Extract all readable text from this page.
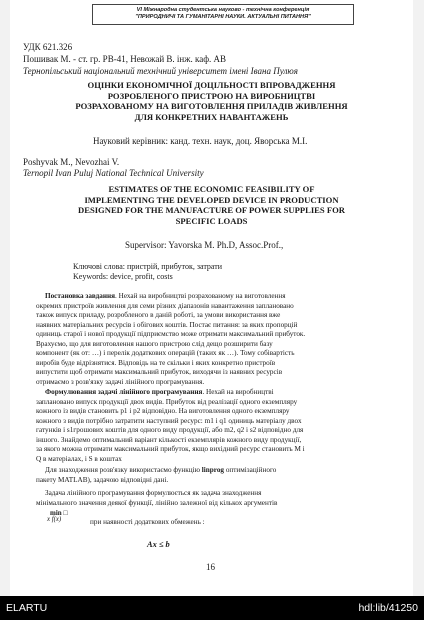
VI Міжнародна студентська науково - технічна конференція
"ПРИРОДНИЧІ ТА ГУМАНІТАРНІ НАУКИ. АКТУАЛЬНІ ПИТАННЯ"
УДК 621.326
Пошивак М. - ст. гр. РВ-41, Невожай В. інж. каф. АВ
Тернопільський національний технічний університет імені Івана Пулюя
ОЦІНКИ ЕКОНОМІЧНОЇ ДОЦІЛЬНОСТІ ВПРОВАДЖЕННЯ
РОЗРОБЛЕНОГО ПРИСТРОЮ НА ВИРОБНИЦТВІ
РОЗРАХОВАНОМУ НА ВИГОТОВЛЕННЯ ПРИЛАДІВ ЖИВЛЕННЯ
ДЛЯ КОНКРЕТНИХ НАВАНТАЖЕНЬ
Науковий керівник: канд. техн. наук, доц. Яворська М.І.
Poshyvak M., Nevozhai V.
Ternopil Ivan Puluj National Technical University
ESTIMATES OF THE ECONOMIC FEASIBILITY OF
IMPLEMENTING THE DEVELOPED DEVICE IN PRODUCTION
DESIGNED FOR THE MANUFACTURE OF POWER SUPPLIES FOR
SPECIFIC LOADS
Supervisor: Yavorska M. Ph.D, Assoc.Prof.,
Ключові слова: пристрій, прибуток, затрати
Keywords: device, profit, costs
Постановка завдання. Нехай на виробництві розрахованому на виготовлення
окремих пристроїв живлення для семи різних діапазонів навантаження заплановано
також випуск приладу, розробленого в даній роботі, за умови використання вже
наявних матеріальних ресурсів і обігових коштів. Постає питання: за яких пропорцій
одиниць старої і нової продукції підприємство може отримати максимальний прибуток.
Врахуємо, що для виготовлення нашого пристрою слід дещо розширити базу
компонент (як от: …) і перелік додаткових операцій (таких як …). Тому собівартість
виробів буде відрізнятися. Відповідь на те скільки і яких конкретно пристроїв
випустити щоб отримати максимальний прибуток, виходячи із наявних ресурсів
отримаємо з розв'язку задачі лінійного програмування.
Формулювання задачі лінійного програмування. Нехай на виробництві
заплановано випуск продукції двох видів. Прибуток від реалізації одного екземпляру
кожного із видів становить p1 і p2 відповідно. На виготовлення одного екземпляру
кожного з видів потрібно затратити наступний ресурс: m1 і q1 одиниць матеріалу двох
гатунків і s1грошових коштів для одного виду продукції, або m2, q2 і s2 відповідно для
іншого. Знайдемо оптимальний варіант кількості екземплярів кожного виду продукції,
за якого можна отримати максимальний прибуток, якщо вихідний ресурс становить M і
Q в матеріалах, і S в коштах
Для знаходження розв'язку використаємо функцію linprog оптимізаційного
пакету MATLAB), задачою відповідні дані.
Задача лінійного програмування формулюється як задача знаходження
мінімального значення деякої функції, лінійно залежної від кількох аргументів
min □
x f(x)	при наявності додаткових обмежень :
Ax ≤ b
16
ELARTU	hdl:lib/41250
